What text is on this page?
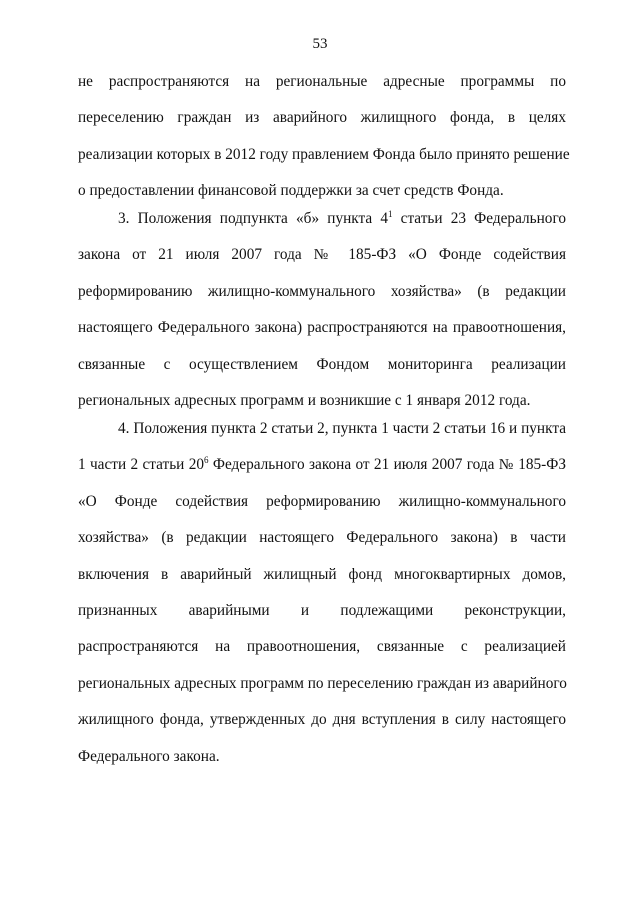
53
не распространяются на региональные адресные программы по
переселению граждан из аварийного жилищного фонда, в целях
реализации которых в 2012 году правлением Фонда было принято решение
о предоставлении финансовой поддержки за счет средств Фонда.
3. Положения подпункта «б» пункта $4^1$ статьи 23 Федерального
закона от 21 июля 2007 года № 185-ФЗ «О Фонде содействия
реформированию жилищно-коммунального хозяйства» (в редакции
настоящего Федерального закона) распространяются на правоотношения,
связанные с осуществлением Фондом мониторинга реализации
региональных адресных программ и возникшие с 1 января 2012 года.
4. Положения пункта 2 статьи 2, пункта 1 части 2 статьи 16 и пункта
1 части 2 статьи $20^6$ Федерального закона от 21 июля 2007 года № 185-ФЗ
«О Фонде содействия реформированию жилищно-коммунального
хозяйства» (в редакции настоящего Федерального закона) в части
включения в аварийный жилищный фонд многоквартирных домов,
признанных аварийными и подлежащими реконструкции,
распространяются на правоотношения, связанные с реализацией
региональных адресных программ по переселению граждан из аварийного
жилищного фонда, утвержденных до дня вступления в силу настоящего
Федерального закона.
